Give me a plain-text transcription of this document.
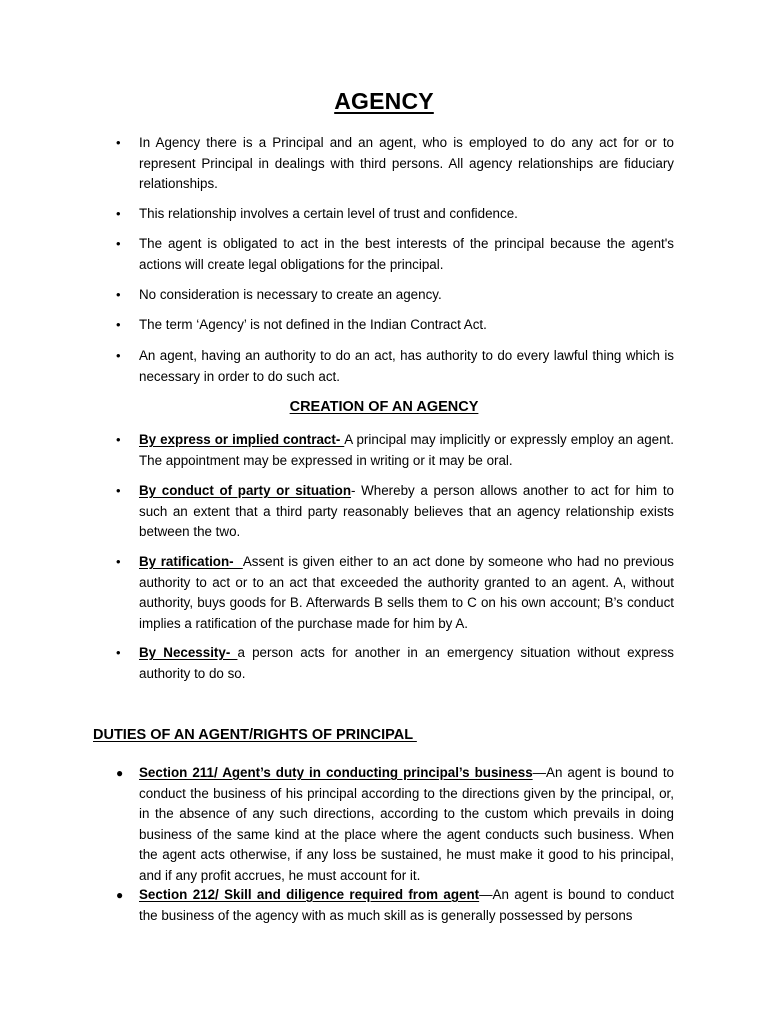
AGENCY
• In Agency there is a Principal and an agent, who is employed to do any act for or to represent Principal in dealings with third persons. All agency relationships are fiduciary relationships.
• This relationship involves a certain level of trust and confidence.
• The agent is obligated to act in the best interests of the principal because the agent's actions will create legal obligations for the principal.
• No consideration is necessary to create an agency.
• The term ‘Agency’ is not defined in the Indian Contract Act.
• An agent, having an authority to do an act, has authority to do every lawful thing which is necessary in order to do such act.
CREATION OF AN AGENCY
• By express or implied contract- A principal may implicitly or expressly employ an agent. The appointment may be expressed in writing or it may be oral.
• By conduct of party or situation- Whereby a person allows another to act for him to such an extent that a third party reasonably believes that an agency relationship exists between the two.
• By ratification-  Assent is given either to an act done by someone who had no previous authority to act or to an act that exceeded the authority granted to an agent. A, without authority, buys goods for B. Afterwards B sells them to C on his own account; B’s conduct implies a ratification of the purchase made for him by A.
• By Necessity- a person acts for another in an emergency situation without express authority to do so.
DUTIES OF AN AGENT/RIGHTS OF PRINCIPAL
● Section 211/ Agent’s duty in conducting principal’s business—An agent is bound to conduct the business of his principal according to the directions given by the principal, or, in the absence of any such directions, according to the custom which prevails in doing business of the same kind at the place where the agent conducts such business. When the agent acts otherwise, if any loss be sustained, he must make it good to his principal, and if any profit accrues, he must account for it.
● Section 212/ Skill and diligence required from agent—An agent is bound to conduct the business of the agency with as much skill as is generally possessed by persons
